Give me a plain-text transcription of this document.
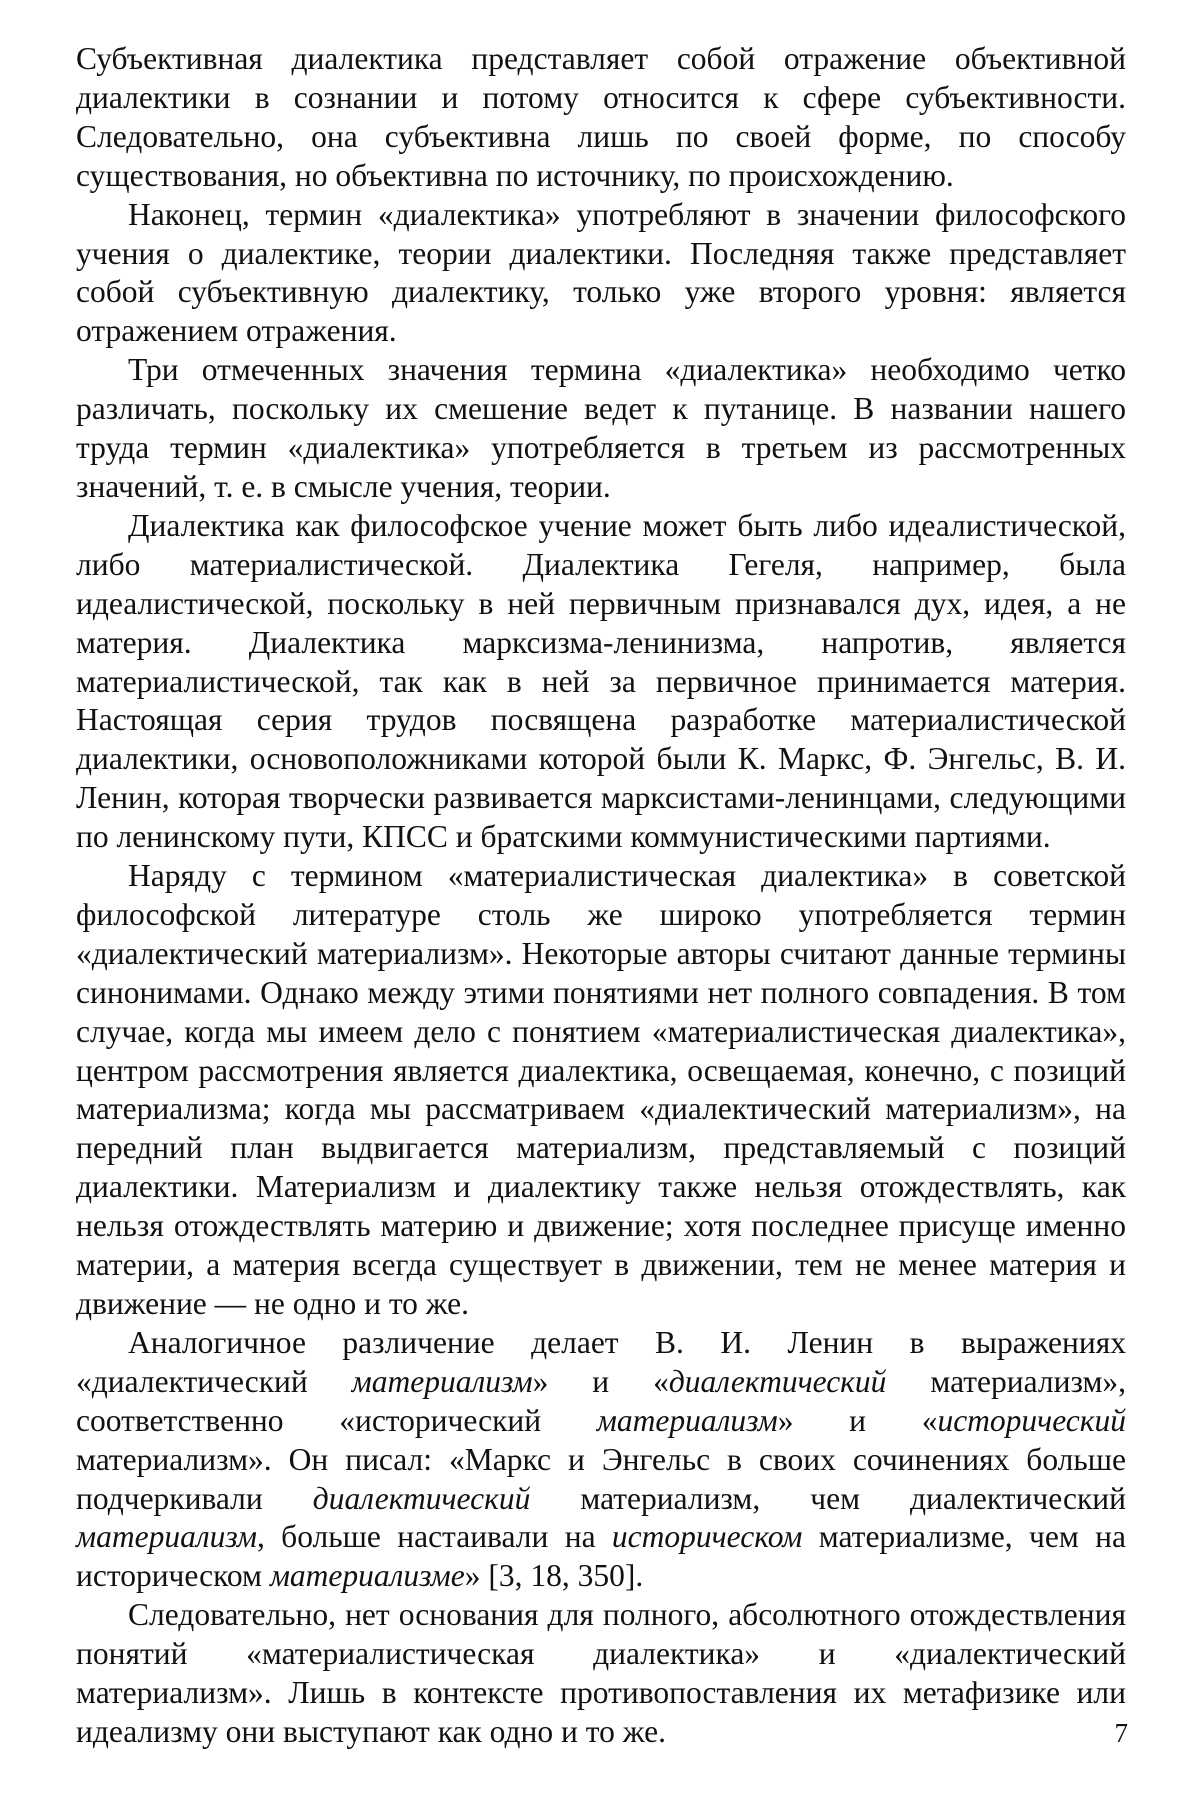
Субъективная диалектика представляет собой отражение объективной диалектики в сознании и потому относится к сфере субъективности. Следовательно, она субъективна лишь по своей форме, по способу существования, но объективна по источнику, по происхождению.

Наконец, термин «диалектика» употребляют в значении философского учения о диалектике, теории диалектики. Последняя также представляет собой субъективную диалектику, только уже второго уровня: является отражением отражения.

Три отмеченных значения термина «диалектика» необходимо четко различать, поскольку их смешение ведет к путанице. В названии нашего труда термин «диалектика» употребляется в третьем из рассмотренных значений, т. е. в смысле учения, теории.

Диалектика как философское учение может быть либо идеалистической, либо материалистической. Диалектика Гегеля, например, была идеалистической, поскольку в ней первичным признавался дух, идея, а не материя. Диалектика марксизма-ленинизма, напротив, является материалистической, так как в ней за первичное принимается материя. Настоящая серия трудов посвящена разработке материалистической диалектики, основоположниками которой были К. Маркс, Ф. Энгельс, В. И. Ленин, которая творчески развивается марксистами-ленинцами, следующими по ленинскому пути, КПСС и братскими коммунистическими партиями.

Наряду с термином «материалистическая диалектика» в советской философской литературе столь же широко употребляется термин «диалектический материализм». Некоторые авторы считают данные термины синонимами. Однако между этими понятиями нет полного совпадения. В том случае, когда мы имеем дело с понятием «материалистическая диалектика», центром рассмотрения является диалектика, освещаемая, конечно, с позиций материализма; когда мы рассматриваем «диалектический материализм», на передний план выдвигается материализм, представляемый с позиций диалектики. Материализм и диалектику также нельзя отождествлять, как нельзя отождествлять материю и движение; хотя последнее присуще именно материи, а материя всегда существует в движении, тем не менее материя и движение — не одно и то же.

Аналогичное различение делает В. И. Ленин в выражениях «диалектический материализм» и «диалектический материализм», соответственно «исторический материализм» и «исторический материализм». Он писал: «Маркс и Энгельс в своих сочинениях больше подчеркивали диалектический материализм, чем диалектический материализм, больше настаивали на историческом материализме, чем на историческом материализме» [3, 18, 350].

Следовательно, нет основания для полного, абсолютного отождествления понятий «материалистическая диалектика» и «диалектический материализм». Лишь в контексте противопоставления их метафизике или идеализму они выступают как одно и то же.	7
